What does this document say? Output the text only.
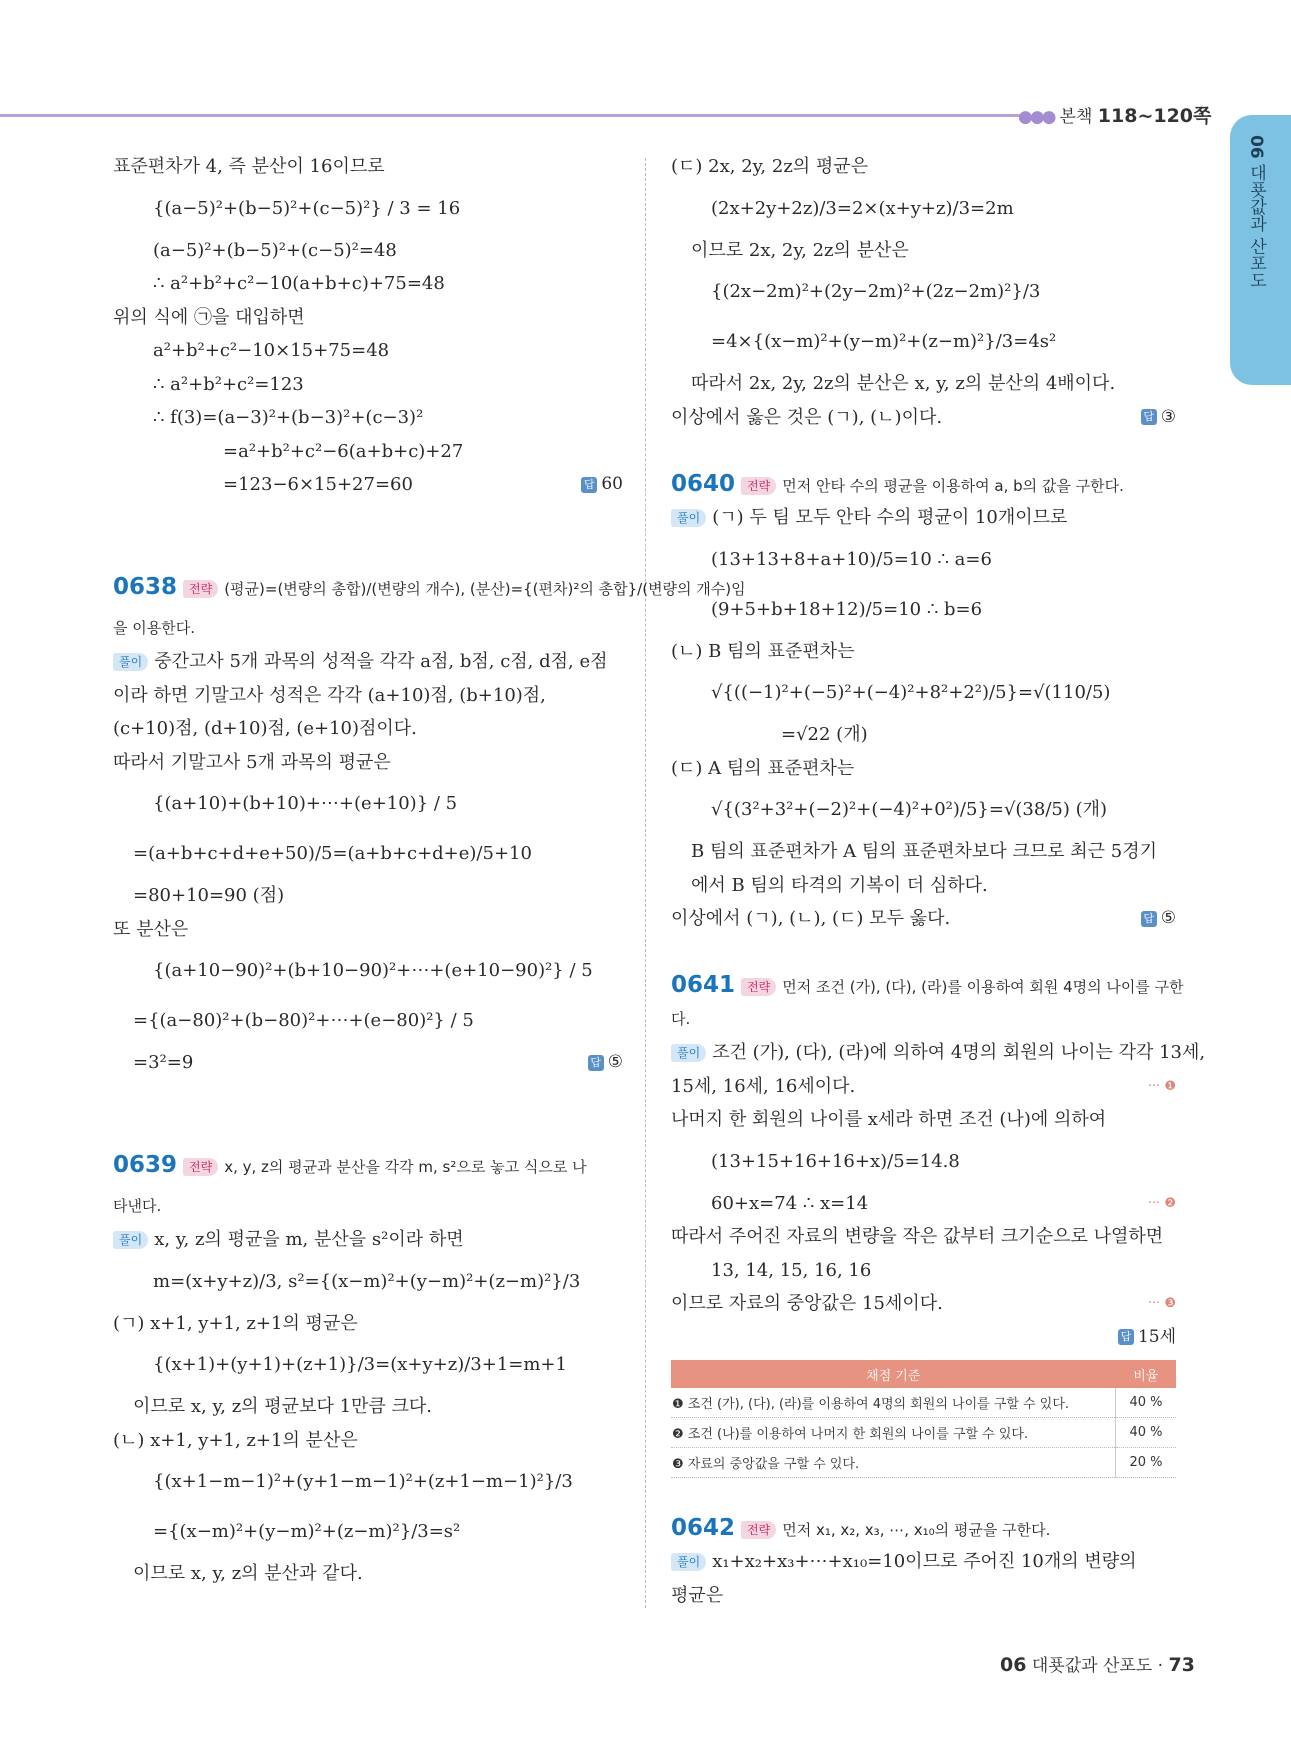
●●● 본책 118~120쪽
06 대푯값과 산포도
표준편차가 4, 즉 분산이 16이므로
{(a−5)²+(b−5)²+(c−5)²} / 3 = 16
(a−5)²+(b−5)²+(c−5)²=48
∴ a²+b²+c²−10(a+b+c)+75=48
위의 식에 ㉠을 대입하면
a²+b²+c²−10×15+75=48
∴ a²+b²+c²=123
∴ f(3)=(a−3)²+(b−3)²+(c−3)²
=a²+b²+c²−6(a+b+c)+27
=123−6×15+27=60	답 60
0638 전략 (평균)=(변량의 총합)/(변량의 개수), (분산)={(편차)²의 총합}/(변량의 개수)임
을 이용한다.
풀이 중간고사 5개 과목의 성적을 각각 a점, b점, c점, d점, e점
이라 하면 기말고사 성적은 각각 (a+10)점, (b+10)점,
(c+10)점, (d+10)점, (e+10)점이다.
따라서 기말고사 5개 과목의 평균은
{(a+10)+(b+10)+⋯+(e+10)} / 5
=(a+b+c+d+e+50)/5=(a+b+c+d+e)/5+10
=80+10=90 (점)
또 분산은
{(a+10−90)²+(b+10−90)²+⋯+(e+10−90)²} / 5
={(a−80)²+(b−80)²+⋯+(e−80)²} / 5
=3²=9	답 ⑤
0639 전략 x, y, z의 평균과 분산을 각각 m, s²으로 놓고 식으로 나
타낸다.
풀이 x, y, z의 평균을 m, 분산을 s²이라 하면
m=(x+y+z)/3, s²={(x−m)²+(y−m)²+(z−m)²}/3
(ㄱ) x+1, y+1, z+1의 평균은
{(x+1)+(y+1)+(z+1)}/3=(x+y+z)/3+1=m+1
이므로 x, y, z의 평균보다 1만큼 크다.
(ㄴ) x+1, y+1, z+1의 분산은
{(x+1−m−1)²+(y+1−m−1)²+(z+1−m−1)²}/3
={(x−m)²+(y−m)²+(z−m)²}/3=s²
이므로 x, y, z의 분산과 같다.
(ㄷ) 2x, 2y, 2z의 평균은
(2x+2y+2z)/3=2×(x+y+z)/3=2m
이므로 2x, 2y, 2z의 분산은
{(2x−2m)²+(2y−2m)²+(2z−2m)²}/3
=4×{(x−m)²+(y−m)²+(z−m)²}/3=4s²
따라서 2x, 2y, 2z의 분산은 x, y, z의 분산의 4배이다.
이상에서 옳은 것은 (ㄱ), (ㄴ)이다.	답 ③
0640 전략 먼저 안타 수의 평균을 이용하여 a, b의 값을 구한다.
풀이 (ㄱ) 두 팀 모두 안타 수의 평균이 10개이므로
(13+13+8+a+10)/5=10 ∴ a=6
(9+5+b+18+12)/5=10 ∴ b=6
(ㄴ) B 팀의 표준편차는
√{((−1)²+(−5)²+(−4)²+8²+2²)/5}=√(110/5)
=√22 (개)
(ㄷ) A 팀의 표준편차는
√{(3²+3²+(−2)²+(−4)²+0²)/5}=√(38/5) (개)
B 팀의 표준편차가 A 팀의 표준편차보다 크므로 최근 5경기
에서 B 팀의 타격의 기복이 더 심하다.
이상에서 (ㄱ), (ㄴ), (ㄷ) 모두 옳다.	답 ⑤
0641 전략 먼저 조건 (가), (다), (라)를 이용하여 회원 4명의 나이를 구한
다.
풀이 조건 (가), (다), (라)에 의하여 4명의 회원의 나이는 각각 13세,
15세, 16세, 16세이다.	··· ❶
나머지 한 회원의 나이를 x세라 하면 조건 (나)에 의하여
(13+15+16+16+x)/5=14.8
60+x=74 ∴ x=14	··· ❷
따라서 주어진 자료의 변량을 작은 값부터 크기순으로 나열하면
13, 14, 15, 16, 16
이므로 자료의 중앙값은 15세이다.	··· ❸
답 15세
채점 기준	비율
❶ 조건 (가), (다), (라)를 이용하여 4명의 회원의 나이를 구할 수 있다.	40 %
❷ 조건 (나)를 이용하여 나머지 한 회원의 나이를 구할 수 있다.	40 %
❸ 자료의 중앙값을 구할 수 있다.	20 %
0642 전략 먼저 x₁, x₂, x₃, ⋯, x₁₀의 평균을 구한다.
풀이 x₁+x₂+x₃+⋯+x₁₀=10이므로 주어진 10개의 변량의
평균은
06 대푯값과 산포도 · 73
